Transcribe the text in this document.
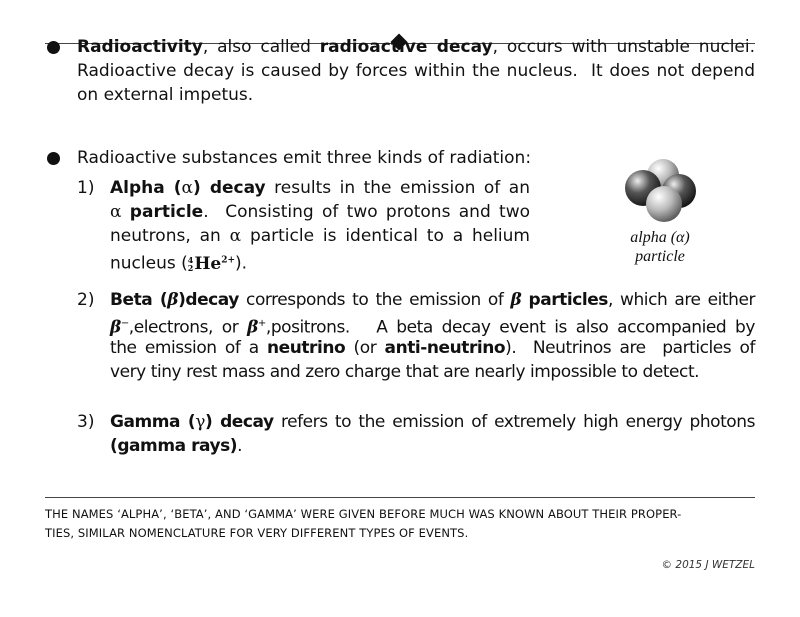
Radioactivity, also called radioactive decay, occurs with unstable nuclei.
Radioactive decay is caused by forces within the nucleus.  It does not depend
on external impetus.
Radioactive substances emit three kinds of radiation:
1) Alpha (α) decay results in the emission of an
α particle.  Consisting of two protons and two
neutrons, an α particle is identical to a helium
nucleus ( 4
2 $He^{2+}$).
2) Beta (β)decay corresponds to the emission of β particles, which are either
β−,electrons, or β+,positrons.   A beta decay event is also accompanied by
the emission of a neutrino (or anti-neutrino).  Neutrinos are  particles of
very tiny rest mass and zero charge that are nearly impossible to detect.
3) Gamma (γ) decay refers to the emission of extremely high energy photons
(gamma rays).
alpha (α)
particle
THE NAMES ‘ALPHA’, ‘BETA’, AND ‘GAMMA’ WERE GIVEN BEFORE MUCH WAS KNOWN ABOUT THEIR PROPER-
TIES, SIMILAR NOMENCLATURE FOR VERY DIFFERENT TYPES OF EVENTS.
© 2015 J WETZEL
